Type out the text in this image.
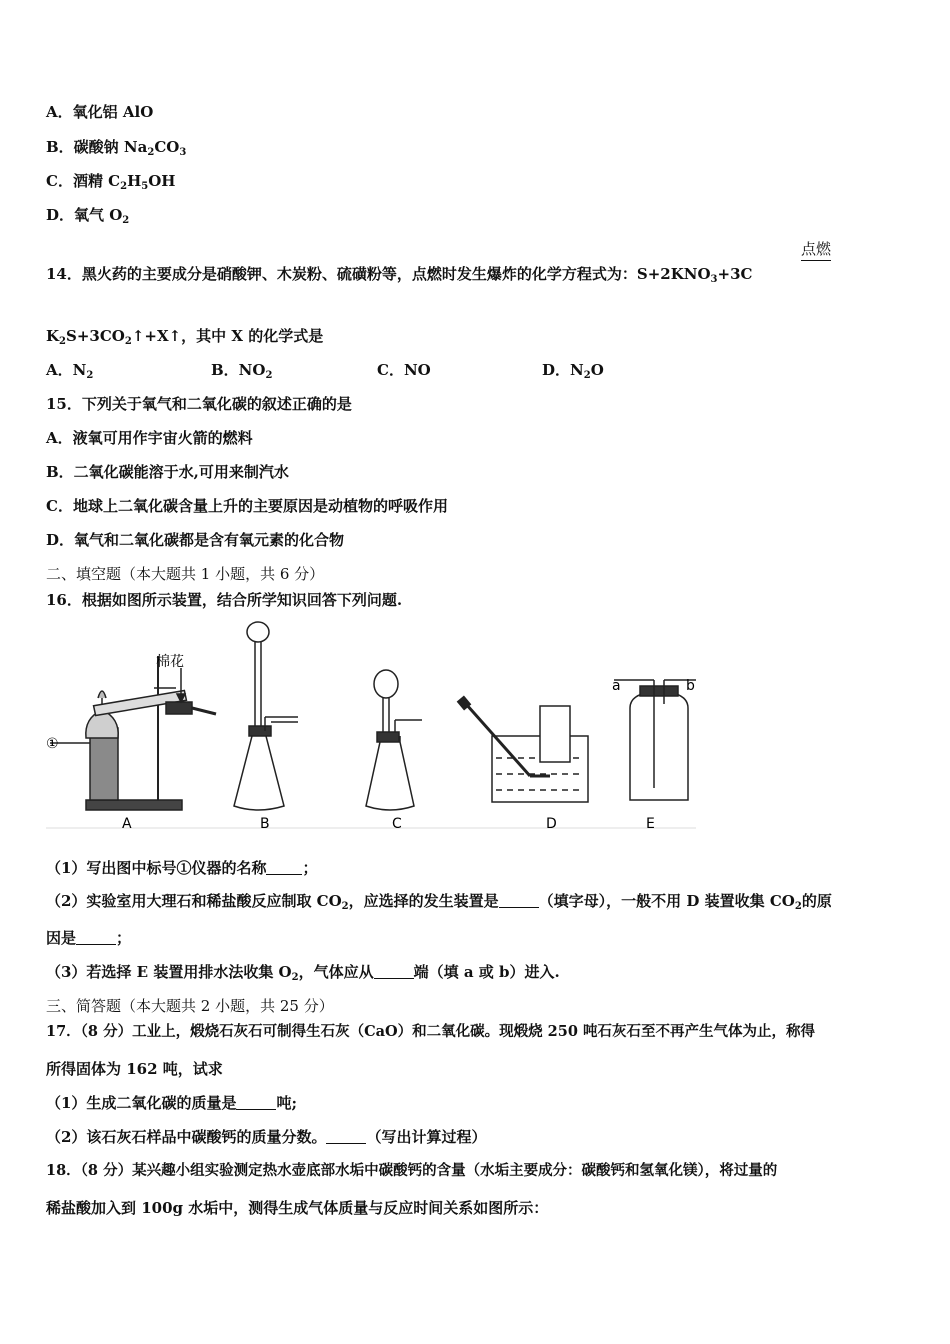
A．氧化铝 AlO
B．碳酸钠 $Na_2CO_3$
C．酒精 $C_2H_5OH$
D．氧气 $O_2$
点燃
14．黑火药的主要成分是硝酸钾、木炭粉、硫磺粉等，点燃时发生爆炸的化学方程式为：$S+2KNO_3+3C$
$K_2S+3CO_2↑+X↑$，其中 X 的化学式是
A．N2	B．NO2	C．NO	D．N2O
15．下列关于氧气和二氧化碳的叙述正确的是
A．液氧可用作宇宙火箭的燃料
B．二氧化碳能溶于水,可用来制汽水
C．地球上二氧化碳含量上升的主要原因是动植物的呼吸作用
D．氧气和二氧化碳都是含有氧元素的化合物
二、填空题（本大题共 1 小题，共 6 分）
16．根据如图所示装置，结合所学知识回答下列问题.
棉花
①
A	B	C	D	E
a	b
（1）写出图中标号①仪器的名称 ；
（2）实验室用大理石和稀盐酸反应制取 $CO_2$，应选择的发生装置是	（填字母），一般不用 D 装置收集 $CO_2$的原
因是	；
（3）若选择 E 装置用排水法收集 $O_2$，气体应从	端（填 a 或 b）进入.
三、简答题（本大题共 2 小题，共 25 分）
17．（8 分）工业上，煅烧石灰石可制得生石灰（CaO）和二氧化碳。现煅烧 250 吨石灰石至不再产生气体为止，称得
所得固体为 162 吨，试求
（1）生成二氧化碳的质量是	吨;
（2）该石灰石样品中碳酸钙的质量分数。	（写出计算过程）
18．（8 分）某兴趣小组实验测定热水壶底部水垢中碳酸钙的含量（水垢主要成分：碳酸钙和氢氧化镁），将过量的
稀盐酸加入到 100g 水垢中，测得生成气体质量与反应时间关系如图所示：
